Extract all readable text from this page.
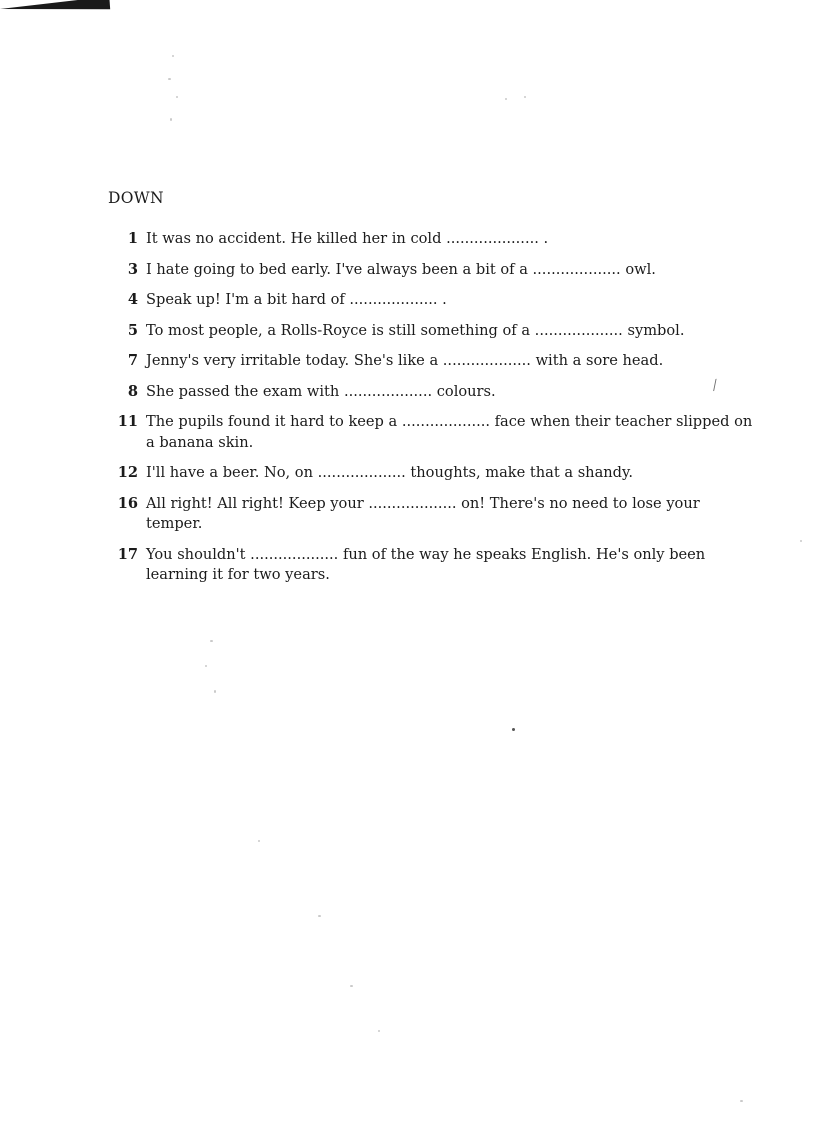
DOWN
1 It was no accident. He killed her in cold .................... .
3 I hate going to bed early. I've always been a bit of a ................... owl.
4 Speak up! I'm a bit hard of ................... .
5 To most people, a Rolls-Royce is still something of a ................... symbol.
7 Jenny's very irritable today. She's like a ................... with a sore head.
8 She passed the exam with ................... colours.
11 The pupils found it hard to keep a ................... face when their teacher slipped on a banana skin.
12 I'll have a beer. No, on ................... thoughts, make that a shandy.
16 All right! All right! Keep your ................... on! There's no need to lose your temper.
17 You shouldn't ................... fun of the way he speaks English. He's only been learning it for two years.
⁄
